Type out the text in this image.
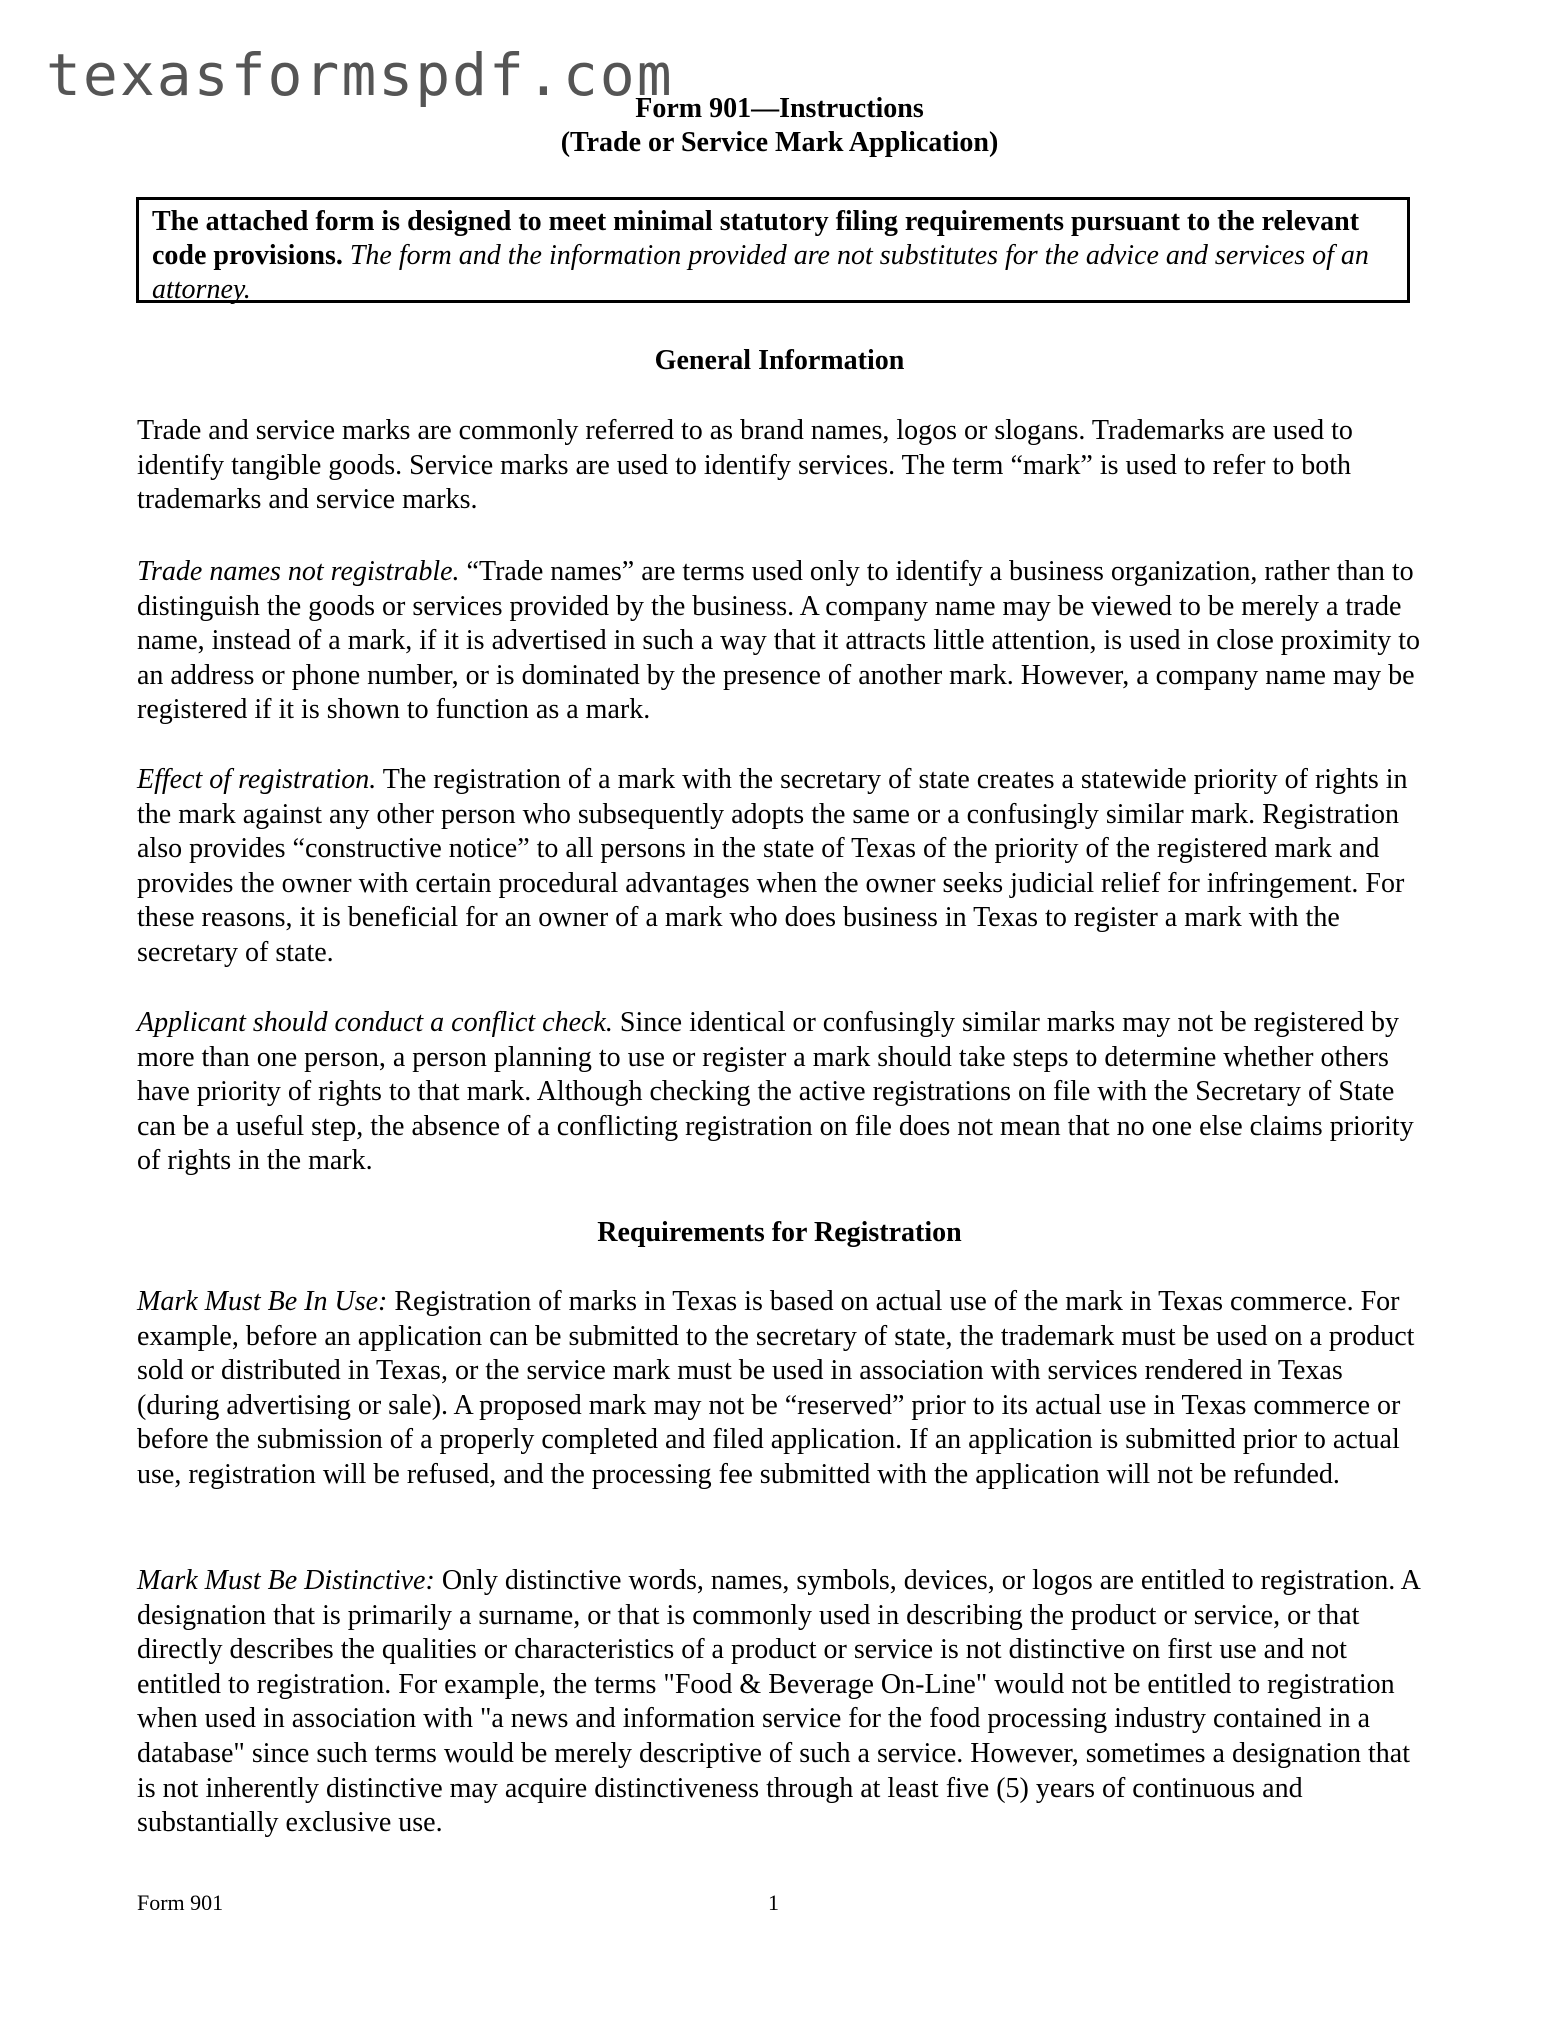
texasformspdf.com
Form 901—Instructions
(Trade or Service Mark Application)
The attached form is designed to meet minimal statutory filing requirements pursuant to the relevant code provisions. The form and the information provided are not substitutes for the advice and services of an attorney.
General Information
Trade and service marks are commonly referred to as brand names, logos or slogans. Trademarks are used to identify tangible goods. Service marks are used to identify services. The term “mark” is used to refer to both trademarks and service marks.
Trade names not registrable. “Trade names” are terms used only to identify a business organization, rather than to distinguish the goods or services provided by the business. A company name may be viewed to be merely a trade name, instead of a mark, if it is advertised in such a way that it attracts little attention, is used in close proximity to an address or phone number, or is dominated by the presence of another mark. However, a company name may be registered if it is shown to function as a mark.
Effect of registration. The registration of a mark with the secretary of state creates a statewide priority of rights in the mark against any other person who subsequently adopts the same or a confusingly similar mark. Registration also provides “constructive notice” to all persons in the state of Texas of the priority of the registered mark and provides the owner with certain procedural advantages when the owner seeks judicial relief for infringement. For these reasons, it is beneficial for an owner of a mark who does business in Texas to register a mark with the secretary of state.
Applicant should conduct a conflict check. Since identical or confusingly similar marks may not be registered by more than one person, a person planning to use or register a mark should take steps to determine whether others have priority of rights to that mark. Although checking the active registrations on file with the Secretary of State can be a useful step, the absence of a conflicting registration on file does not mean that no one else claims priority of rights in the mark.
Requirements for Registration
Mark Must Be In Use: Registration of marks in Texas is based on actual use of the mark in Texas commerce. For example, before an application can be submitted to the secretary of state, the trademark must be used on a product sold or distributed in Texas, or the service mark must be used in association with services rendered in Texas (during advertising or sale). A proposed mark may not be “reserved” prior to its actual use in Texas commerce or before the submission of a properly completed and filed application. If an application is submitted prior to actual use, registration will be refused, and the processing fee submitted with the application will not be refunded.
Mark Must Be Distinctive: Only distinctive words, names, symbols, devices, or logos are entitled to registration. A designation that is primarily a surname, or that is commonly used in describing the product or service, or that directly describes the qualities or characteristics of a product or service is not distinctive on first use and not entitled to registration. For example, the terms "Food & Beverage On-Line" would not be entitled to registration when used in association with "a news and information service for the food processing industry contained in a database" since such terms would be merely descriptive of such a service. However, sometimes a designation that is not inherently distinctive may acquire distinctiveness through at least five (5) years of continuous and substantially exclusive use.
Form 901	1
